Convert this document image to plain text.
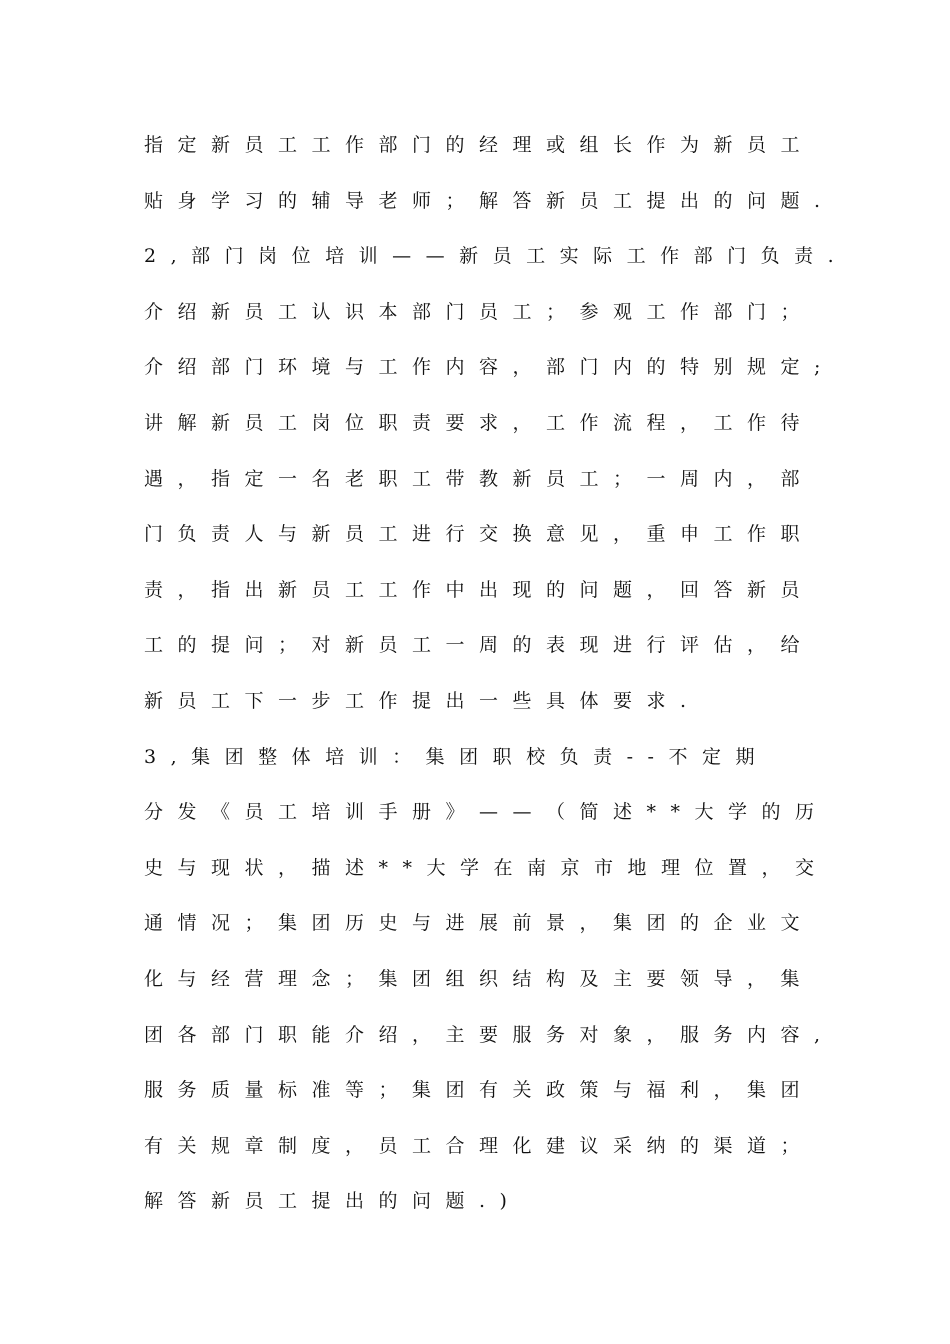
指定新员工工作部门的经理或组长作为新员工
贴身学习的辅导老师；解答新员工提出的问题.
2,部门岗位培训——新员工实际工作部门负责.
介绍新员工认识本部门员工；参观工作部门；
介绍部门环境与工作内容，部门内的特别规定;
讲解新员工岗位职责要求，工作流程，工作待
遇，指定一名老职工带教新员工；一周内，部
门负责人与新员工进行交换意见，重申工作职
责，指出新员工工作中出现的问题，回答新员
工的提问；对新员工一周的表现进行评估，给
新员工下一步工作提出一些具体要求.
3,集团整体培训：集团职校负责--不定期
分发《员工培训手册》——（简述**大学的历
史与现状，描述**大学在南京市地理位置，交
通情况；集团历史与进展前景，集团的企业文
化与经营理念；集团组织结构及主要领导，集
团各部门职能介绍，主要服务对象，服务内容,
服务质量标准等；集团有关政策与福利，集团
有关规章制度，员工合理化建议采纳的渠道；
解答新员工提出的问题.)
